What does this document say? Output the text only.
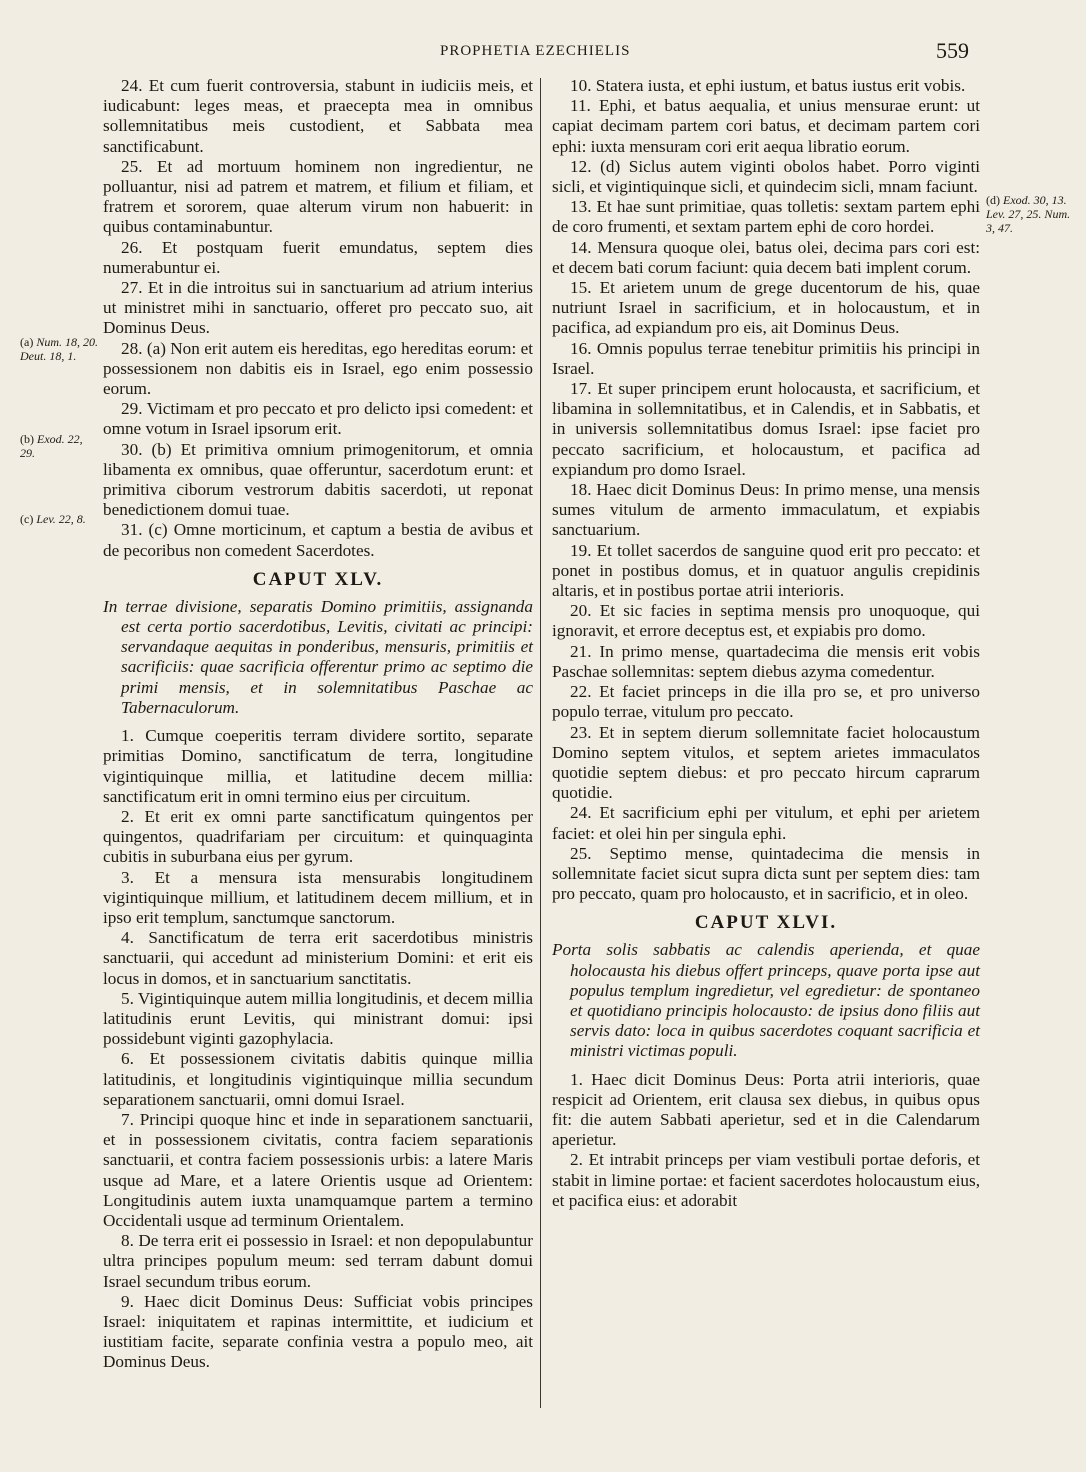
PROPHETIA EZECHIELIS	559

24. Et cum fuerit controversia, stabunt in iudiciis meis, et iudicabunt: leges meas, et praecepta mea in omnibus sollemnitatibus meis custodient, et Sabbata mea sanctificabunt.

25. Et ad mortuum hominem non ingredientur, ne polluantur, nisi ad patrem et matrem, et filium et filiam, et fratrem et sororem, quae alterum virum non habuerit: in quibus contaminabuntur.

26. Et postquam fuerit emundatus, septem dies numerabuntur ei.

27. Et in die introitus sui in sanctuarium ad atrium interius ut ministret mihi in sanctuario, offeret pro peccato suo, ait Dominus Deus.

28. (a) Non erit autem eis hereditas, ego hereditas eorum: et possessionem non dabitis eis in Israel, ego enim possessio eorum.

29. Victimam et pro peccato et pro delicto ipsi comedent: et omne votum in Israel ipsorum erit.

30. (b) Et primitiva omnium primogenitorum, et omnia libamenta ex omnibus, quae offeruntur, sacerdotum erunt: et primitiva ciborum vestrorum dabitis sacerdoti, ut reponat benedictionem domui tuae.

31. (c) Omne morticinum, et captum a bestia de avibus et de pecoribus non comedent Sacerdotes.

CAPUT XLV.

In terrae divisione, separatis Domino primitiis, assignanda est certa portio sacerdotibus, Levitis, civitati ac principi: servandaque aequitas in ponderibus, mensuris, primitiis et sacrificiis: quae sacrificia offerentur primo ac septimo die primi mensis, et in solemnitatibus Paschae ac Tabernaculorum.

1. Cumque coeperitis terram dividere sortito, separate primitias Domino, sanctificatum de terra, longitudine vigintiquinque millia, et latitudine decem millia: sanctificatum erit in omni termino eius per circuitum.

2. Et erit ex omni parte sanctificatum quingentos per quingentos, quadrifariam per circuitum: et quinquaginta cubitis in suburbana eius per gyrum.

3. Et a mensura ista mensurabis longitudinem vigintiquinque millium, et latitudinem decem millium, et in ipso erit templum, sanctumque sanctorum.

4. Sanctificatum de terra erit sacerdotibus ministris sanctuarii, qui accedunt ad ministerium Domini: et erit eis locus in domos, et in sanctuarium sanctitatis.

5. Vigintiquinque autem millia longitudinis, et decem millia latitudinis erunt Levitis, qui ministrant domui: ipsi possidebunt viginti gazophylacia.

6. Et possessionem civitatis dabitis quinque millia latitudinis, et longitudinis vigintiquinque millia secundum separationem sanctuarii, omni domui Israel.

7. Principi quoque hinc et inde in separationem sanctuarii, et in possessionem civitatis, contra faciem separationis sanctuarii, et contra faciem possessionis urbis: a latere Maris usque ad Mare, et a latere Orientis usque ad Orientem: Longitudinis autem iuxta unamquamque partem a termino Occidentali usque ad terminum Orientalem.

8. De terra erit ei possessio in Israel: et non depopulabuntur ultra principes populum meum: sed terram dabunt domui Israel secundum tribus eorum.

9. Haec dicit Dominus Deus: Sufficiat vobis principes Israel: iniquitatem et rapinas intermittite, et iudicium et iustitiam facite, separate confinia vestra a populo meo, ait Dominus Deus.

(a) Num. 18, 20. Deut. 18, 1.
(b) Exod. 22, 29.
(c) Lev. 22, 8.

10. Statera iusta, et ephi iustum, et batus iustus erit vobis.

11. Ephi, et batus aequalia, et unius mensurae erunt: ut capiat decimam partem cori batus, et decimam partem cori ephi: iuxta mensuram cori erit aequa libratio eorum.

12. (d) Siclus autem viginti obolos habet. Porro viginti sicli, et vigintiquinque sicli, et quindecim sicli, mnam faciunt.

13. Et hae sunt primitiae, quas tolletis: sextam partem ephi de coro frumenti, et sextam partem ephi de coro hordei.

14. Mensura quoque olei, batus olei, decima pars cori est: et decem bati corum faciunt: quia decem bati implent corum.

15. Et arietem unum de grege ducentorum de his, quae nutriunt Israel in sacrificium, et in holocaustum, et in pacifica, ad expiandum pro eis, ait Dominus Deus.

16. Omnis populus terrae tenebitur primitiis his principi in Israel.

17. Et super principem erunt holocausta, et sacrificium, et libamina in sollemnitatibus, et in Calendis, et in Sabbatis, et in universis sollemnitatibus domus Israel: ipse faciet pro peccato sacrificium, et holocaustum, et pacifica ad expiandum pro domo Israel.

18. Haec dicit Dominus Deus: In primo mense, una mensis sumes vitulum de armento immaculatum, et expiabis sanctuarium.

19. Et tollet sacerdos de sanguine quod erit pro peccato: et ponet in postibus domus, et in quatuor angulis crepidinis altaris, et in postibus portae atrii interioris.

20. Et sic facies in septima mensis pro unoquoque, qui ignoravit, et errore deceptus est, et expiabis pro domo.

21. In primo mense, quartadecima die mensis erit vobis Paschae sollemnitas: septem diebus azyma comedentur.

22. Et faciet princeps in die illa pro se, et pro universo populo terrae, vitulum pro peccato.

23. Et in septem dierum sollemnitate faciet holocaustum Domino septem vitulos, et septem arietes immaculatos quotidie septem diebus: et pro peccato hircum caprarum quotidie.

24. Et sacrificium ephi per vitulum, et ephi per arietem faciet: et olei hin per singula ephi.

25. Septimo mense, quintadecima die mensis in sollemnitate faciet sicut supra dicta sunt per septem dies: tam pro peccato, quam pro holocausto, et in sacrificio, et in oleo.

CAPUT XLVI.

Porta solis sabbatis ac calendis aperienda, et quae holocausta his diebus offert princeps, quave porta ipse aut populus templum ingredietur, vel egredietur: de spontaneo et quotidiano principis holocausto: de ipsius dono filiis aut servis dato: loca in quibus sacerdotes coquant sacrificia et ministri victimas populi.

1. Haec dicit Dominus Deus: Porta atrii interioris, quae respicit ad Orientem, erit clausa sex diebus, in quibus opus fit: die autem Sabbati aperietur, sed et in die Calendarum aperietur.

2. Et intrabit princeps per viam vestibuli portae deforis, et stabit in limine portae: et facient sacerdotes holocaustum eius, et pacifica eius: et adorabit

(d) Exod. 30, 13. Lev. 27, 25. Num. 3, 47.
